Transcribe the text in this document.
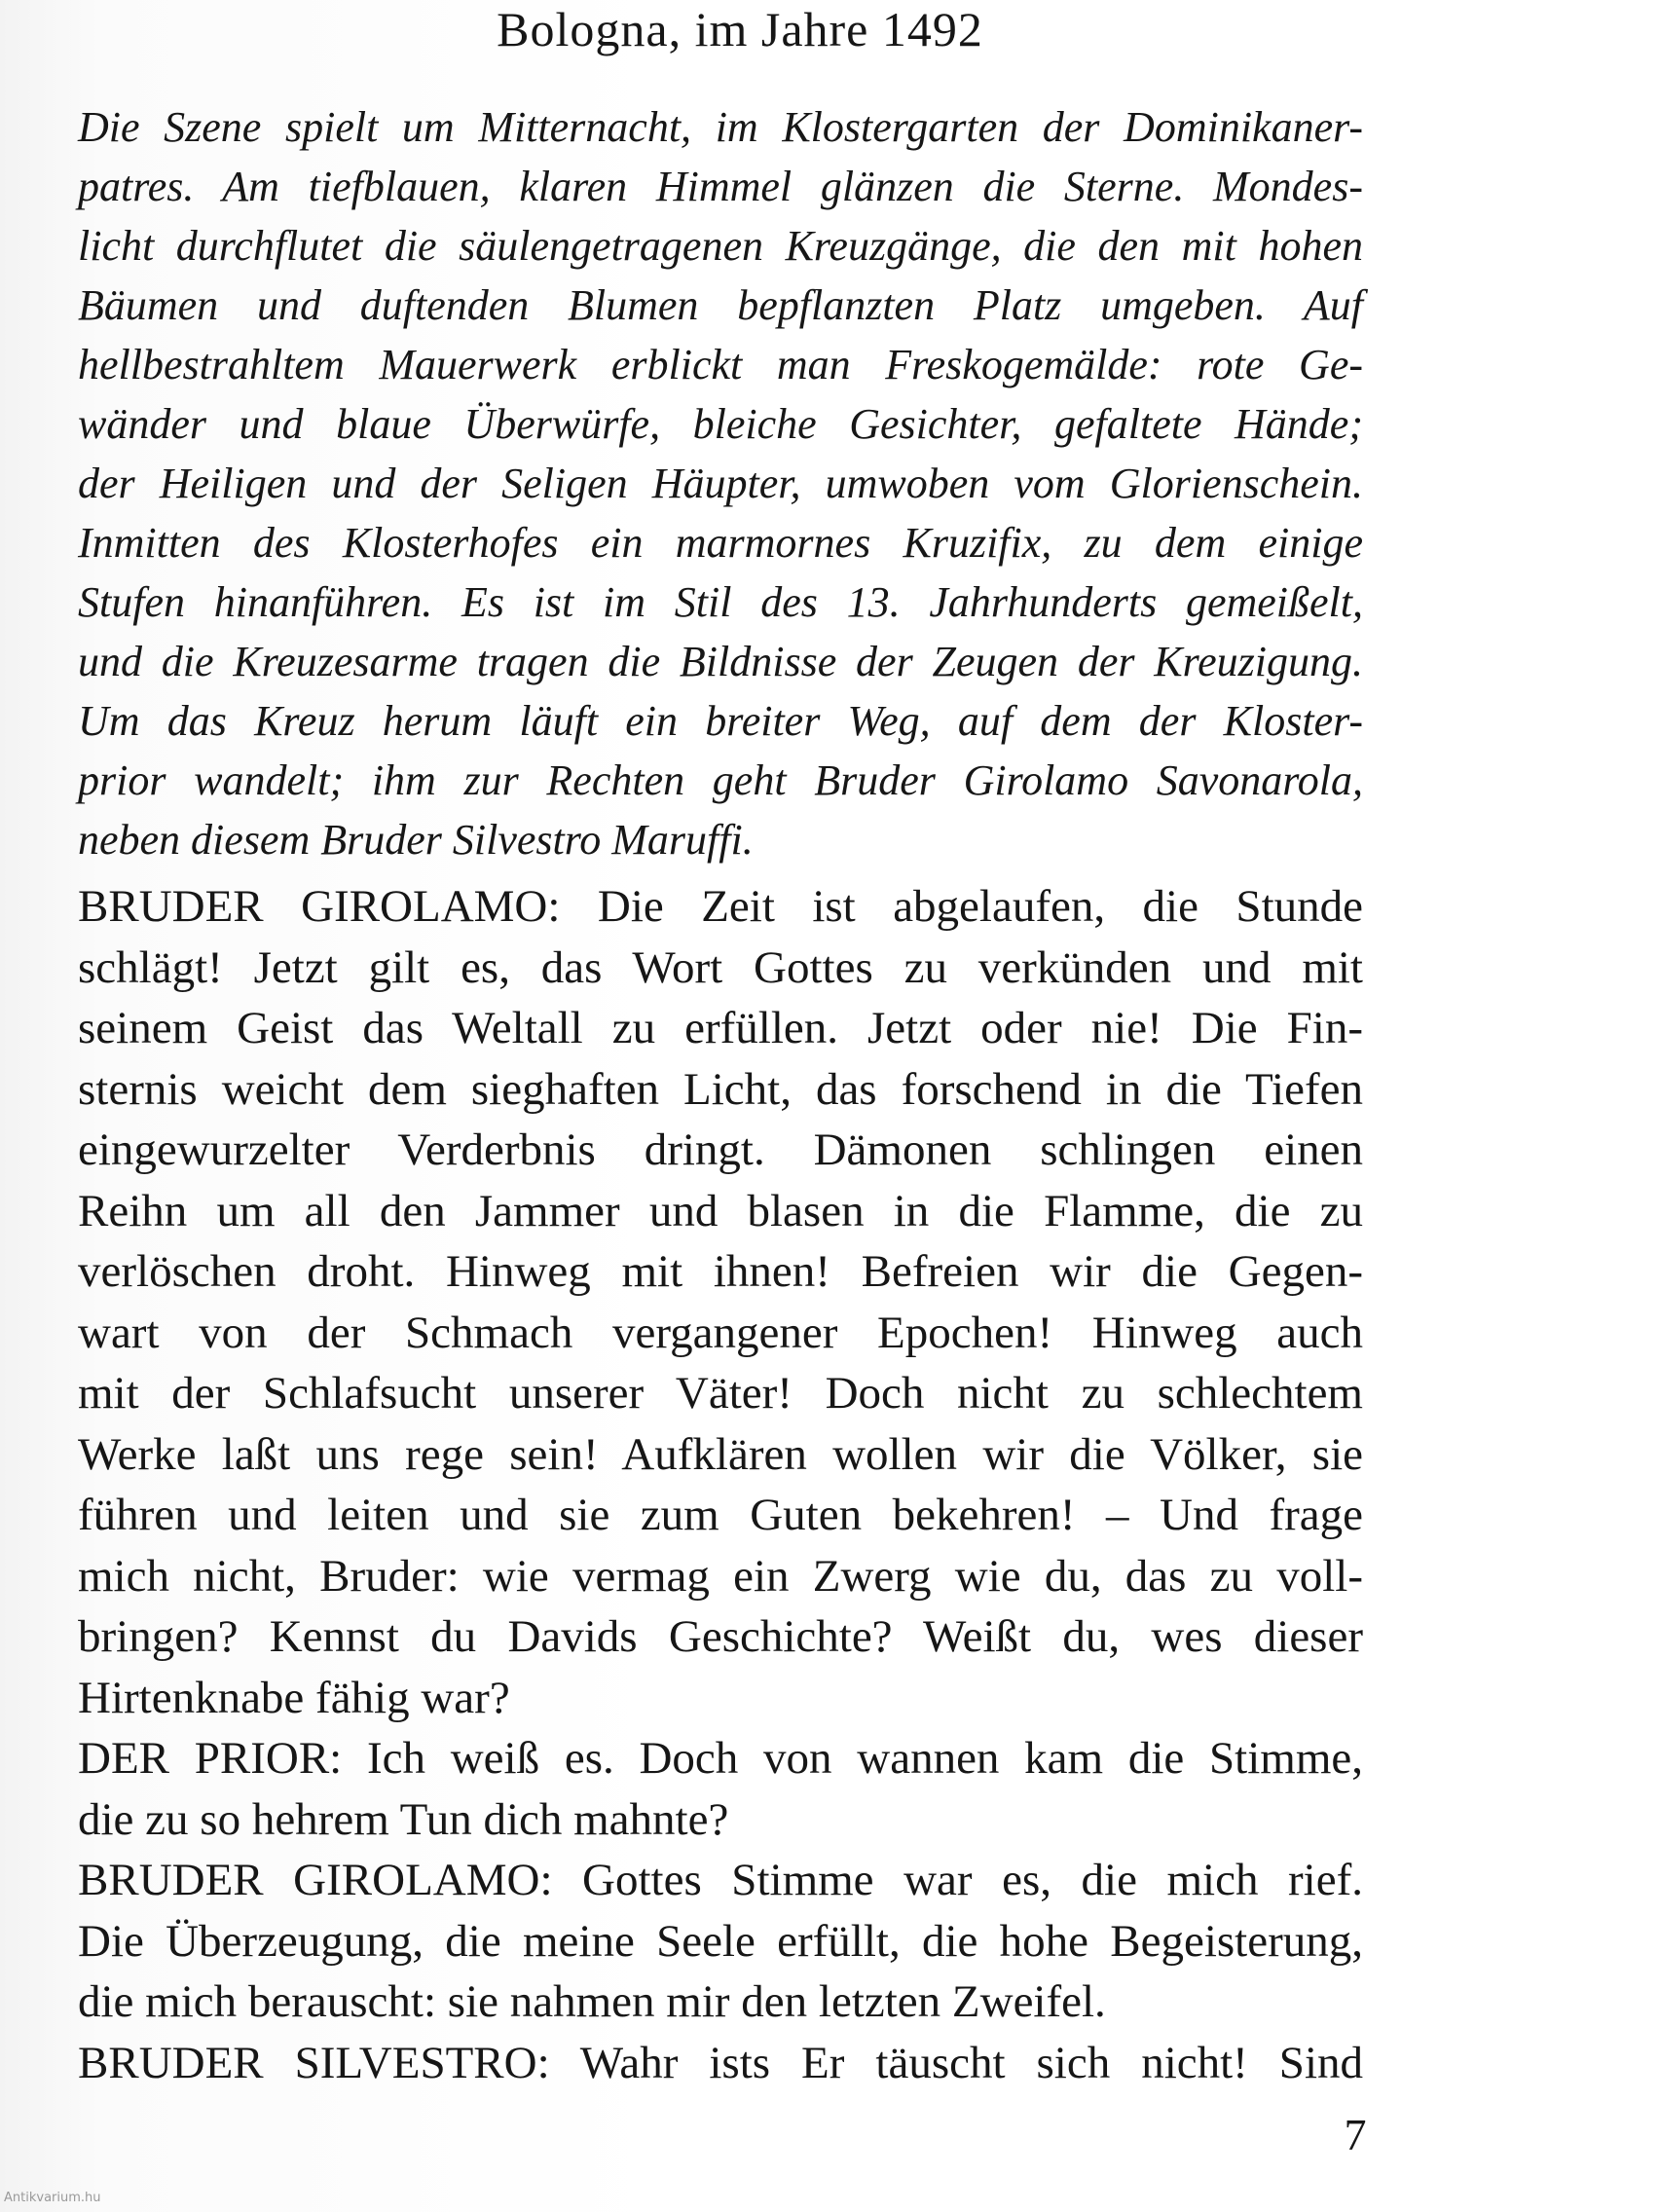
Bologna, im Jahre 1492
Die Szene spielt um Mitternacht, im Klostergarten der Dominikaner-
patres. Am tiefblauen, klaren Himmel glänzen die Sterne. Mondes-
licht durchflutet die säulengetragenen Kreuzgänge, die den mit hohen
Bäumen und duftenden Blumen bepflanzten Platz umgeben. Auf
hellbestrahltem Mauerwerk erblickt man Freskogemälde: rote Ge-
wänder und blaue Überwürfe, bleiche Gesichter, gefaltete Hände;
der Heiligen und der Seligen Häupter, umwoben vom Glorienschein.
Inmitten des Klosterhofes ein marmornes Kruzifix, zu dem einige
Stufen hinanführen. Es ist im Stil des 13. Jahrhunderts gemeißelt,
und die Kreuzesarme tragen die Bildnisse der Zeugen der Kreuzigung.
Um das Kreuz herum läuft ein breiter Weg, auf dem der Kloster-
prior wandelt; ihm zur Rechten geht Bruder Girolamo Savonarola,
neben diesem Bruder Silvestro Maruffi.
BRUDER GIROLAMO: Die Zeit ist abgelaufen, die Stunde
schlägt! Jetzt gilt es, das Wort Gottes zu verkünden und mit
seinem Geist das Weltall zu erfüllen. Jetzt oder nie! Die Fin-
sternis weicht dem sieghaften Licht, das forschend in die Tiefen
eingewurzelter Verderbnis dringt. Dämonen schlingen einen
Reihn um all den Jammer und blasen in die Flamme, die zu
verlöschen droht. Hinweg mit ihnen! Befreien wir die Gegen-
wart von der Schmach vergangener Epochen! Hinweg auch
mit der Schlafsucht unserer Väter! Doch nicht zu schlechtem
Werke laßt uns rege sein! Aufklären wollen wir die Völker, sie
führen und leiten und sie zum Guten bekehren! – Und frage
mich nicht, Bruder: wie vermag ein Zwerg wie du, das zu voll-
bringen? Kennst du Davids Geschichte? Weißt du, wes dieser
Hirtenknabe fähig war?
DER PRIOR: Ich weiß es. Doch von wannen kam die Stimme,
die zu so hehrem Tun dich mahnte?
BRUDER GIROLAMO: Gottes Stimme war es, die mich rief.
Die Überzeugung, die meine Seele erfüllt, die hohe Begeisterung,
die mich berauscht: sie nahmen mir den letzten Zweifel.
BRUDER SILVESTRO: Wahr ists Er täuscht sich nicht! Sind
7
Antikvarium.hu
